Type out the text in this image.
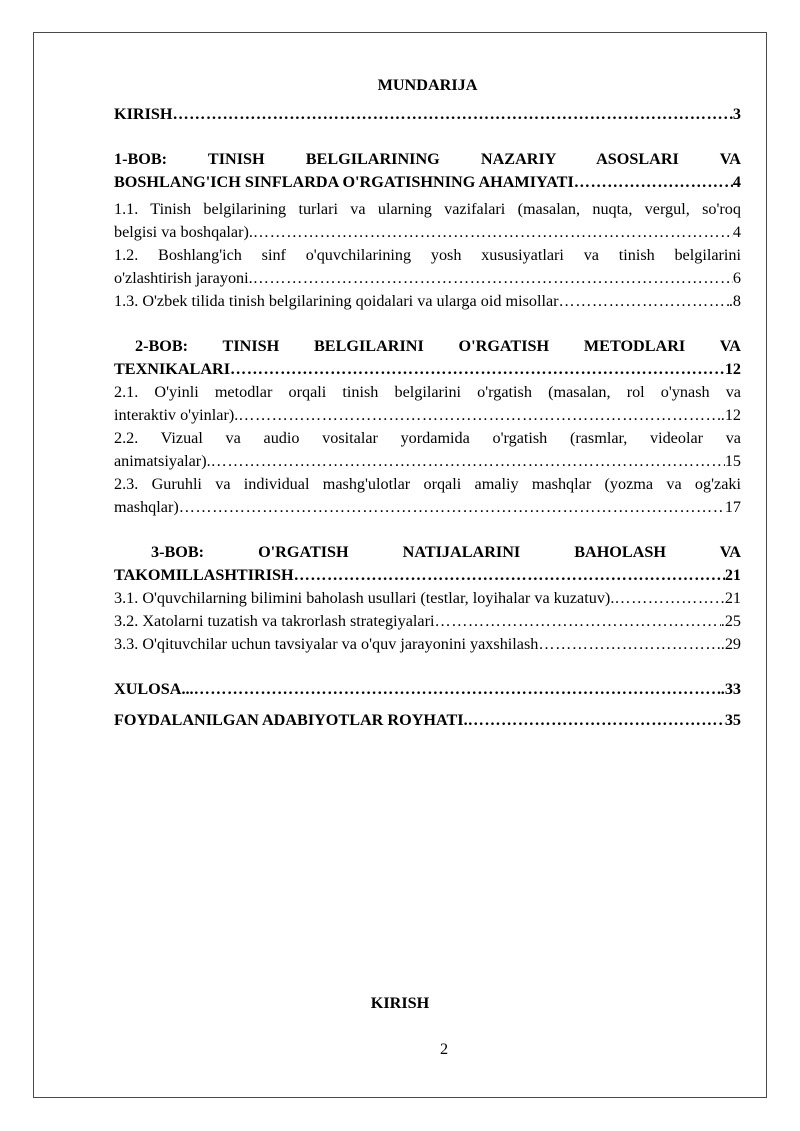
MUNDARIJA
KIRISH …………………………………………………………………………………………………………………………………………………………………………………………………………………………………	3
1-BOB: TINISH BELGILARINING NAZARIY ASOSLARI VA
BOSHLANG'ICH SINFLARDA O'RGATISHNING AHAMIYATI …………………………………………………………………………………………………………………………………………………………………………………………………………………………………	4
1.1. Tinish belgilarining turlari va ularning vazifalari (masalan, nuqta, vergul, so'roq
belgisi va boshqalar). …………………………………………………………………………………………………………………………………………………………………………………………………………………………………	4
1.2. Boshlang'ich sinf o'quvchilarining yosh xususiyatlari va tinish belgilarini
o'zlashtirish jarayoni. …………………………………………………………………………………………………………………………………………………………………………………………………………………………………	6
1.3. O'zbek tilida tinish belgilarining qoidalari va ularga oid misollar …………………………………………………………………………………………………………………………………………………………………………………………………………………………………	.8
2-BOB: TINISH BELGILARINI O'RGATISH METODLARI VA
TEXNIKALARI …………………………………………………………………………………………………………………………………………………………………………………………………………………………………	12
2.1. O'yinli metodlar orqali tinish belgilarini o'rgatish (masalan, rol o'ynash va
interaktiv o'yinlar). …………………………………………………………………………………………………………………………………………………………………………………………………………………………………	.12
2.2. Vizual va audio vositalar yordamida o'rgatish (rasmlar, videolar va
animatsiyalar). …………………………………………………………………………………………………………………………………………………………………………………………………………………………………	15
2.3. Guruhli va individual mashg'ulotlar orqali amaliy mashqlar (yozma va og'zaki
mashqlar) …………………………………………………………………………………………………………………………………………………………………………………………………………………………………	17
3-BOB: O'RGATISH NATIJALARINI BAHOLASH VA
TAKOMILLASHTIRISH …………………………………………………………………………………………………………………………………………………………………………………………………………………………………	21
3.1. O'quvchilarning bilimini baholash usullari (testlar, loyihalar va kuzatuv). …………………………………………………………………………………………………………………………………………………………………………………………………………………………………	21
3.2. Xatolarni tuzatish va takrorlash strategiyalari …………………………………………………………………………………………………………………………………………………………………………………………………………………………………	.25
3.3. O'qituvchilar uchun tavsiyalar va o'quv jarayonini yaxshilash …………………………………………………………………………………………………………………………………………………………………………………………………………………………………	.29
XULOSA... …………………………………………………………………………………………………………………………………………………………………………………………………………………………………	.33
FOYDALANILGAN ADABIYOTLAR ROYHATI. …………………………………………………………………………………………………………………………………………………………………………………………………………………………………	35
KIRISH
2
